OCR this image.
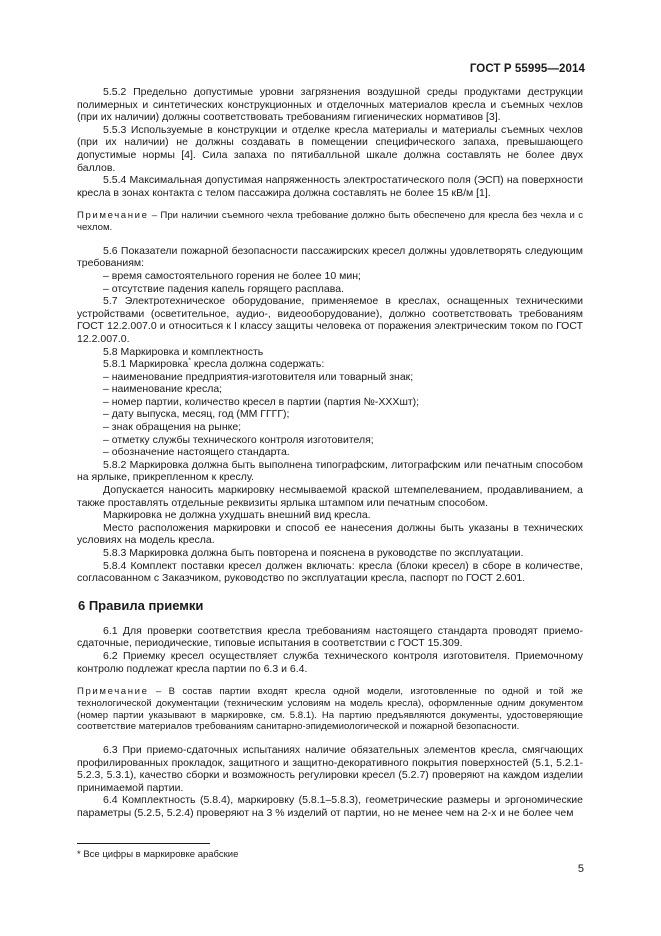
ГОСТ Р 55995—2014

5.5.2 Предельно допустимые уровни загрязнения воздушной среды продуктами деструкции полимерных и синтетических конструкционных и отделочных материалов кресла и съемных чехлов (при их наличии) должны соответствовать требованиям гигиенических нормативов [3].

5.5.3 Используемые в конструкции и отделке кресла материалы и материалы съемных чехлов (при их наличии) не должны создавать в помещении специфического запаха, превышающего допустимые нормы [4]. Сила запаха по пятибалльной шкале должна составлять не более двух баллов.

5.5.4 Максимальная допустимая напряженность электростатического поля (ЭСП) на поверхности кресла в зонах контакта с телом пассажира должна составлять не более 15 кВ/м [1].

Примечание – При наличии съемного чехла требование должно быть обеспечено для кресла без чехла и с чехлом.

5.6 Показатели пожарной безопасности пассажирских кресел должны удовлетворять следующим требованиям:

– время самостоятельного горения не более 10 мин;

– отсутствие падения капель горящего расплава.

5.7 Электротехническое оборудование, применяемое в креслах, оснащенных техническими устройствами (осветительное, аудио-, видеооборудование), должно соответствовать требованиям ГОСТ 12.2.007.0 и относиться к I классу защиты человека от поражения электрическим током по ГОСТ 12.2.007.0.

5.8 Маркировка и комплектность

5.8.1 Маркировка* кресла должна содержать:

– наименование предприятия-изготовителя или товарный знак;

– наименование кресла;

– номер партии, количество кресел в партии (партия №-ХХХшт);

– дату выпуска, месяц, год (ММ ГГГГ);

– знак обращения на рынке;

– отметку службы технического контроля изготовителя;

– обозначение настоящего стандарта.

5.8.2 Маркировка должна быть выполнена типографским, литографским или печатным способом на ярлыке, прикрепленном к креслу.

Допускается наносить маркировку несмываемой краской штемпелеванием, продавливанием, а также проставлять отдельные реквизиты ярлыка штампом или печатным способом.

Маркировка не должна ухудшать внешний вид кресла.

Место расположения маркировки и способ ее нанесения должны быть указаны в технических условиях на модель кресла.

5.8.3 Маркировка должна быть повторена и пояснена в руководстве по эксплуатации.

5.8.4 Комплект поставки кресел должен включать: кресла (блоки кресел) в сборе в количестве, согласованном с Заказчиком, руководство по эксплуатации кресла, паспорт по ГОСТ 2.601.

6 Правила приемки

6.1 Для проверки соответствия кресла требованиям настоящего стандарта проводят приемо-сдаточные, периодические, типовые испытания в соответствии с ГОСТ 15.309.

6.2 Приемку кресел осуществляет служба технического контроля изготовителя. Приемочному контролю подлежат кресла партии по 6.3 и 6.4.

Примечание – В состав партии входят кресла одной модели, изготовленные по одной и той же технологической документации (техническим условиям на модель кресла), оформленные одним документом (номер партии указывают в маркировке, см. 5.8.1). На партию предъявляются документы, удостоверяющие соответствие материалов требованиям санитарно-эпидемиологической и пожарной безопасности.

6.3 При приемо-сдаточных испытаниях наличие обязательных элементов кресла, смягчающих профилированных прокладок, защитного и защитно-декоративного покрытия поверхностей (5.1, 5.2.1-5.2.3, 5.3.1), качество сборки и возможность регулировки кресел (5.2.7) проверяют на каждом изделии принимаемой партии.

6.4 Комплектность (5.8.4), маркировку (5.8.1–5.8.3), геометрические размеры и эргономические параметры (5.2.5, 5.2.4) проверяют на 3 % изделий от партии, но не менее чем на 2-х и не более чем

* Все цифры в маркировке арабские
5
